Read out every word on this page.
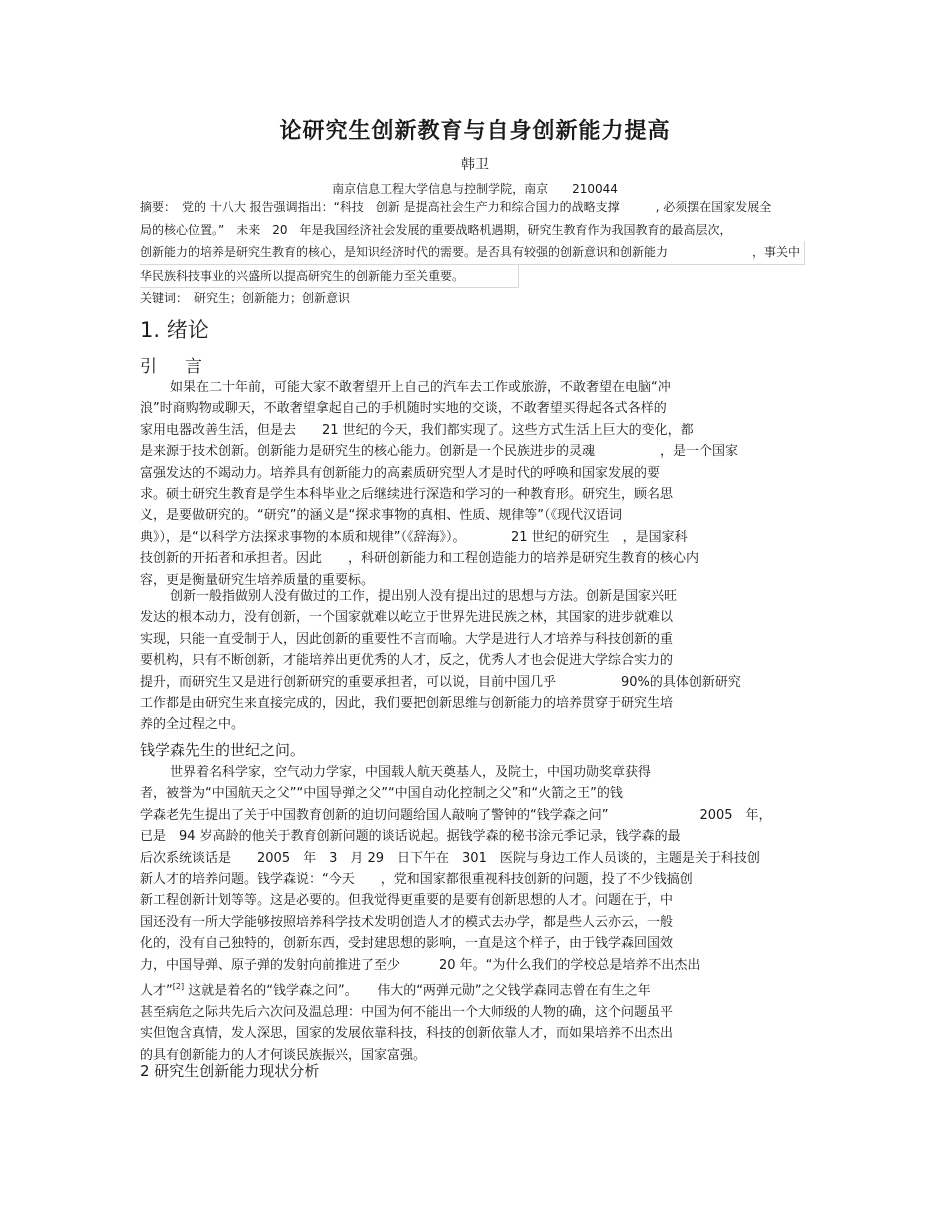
论研究生创新教育与自身创新能力提高
韩卫
南京信息工程大学信息与控制学院，南京　　210044
摘要：　党的 十八大 报告强调指出：“科技　创新 是提高社会生产力和综合国力的战略支撑　　　, 必须摆在国家发展全
局的核心位置。”　未来　20　年是我国经济社会发展的重要战略机遇期，研究生教育作为我国教育的最高层次，
创新能力的培养是研究生教育的核心，是知识经济时代的需要。是否具有较强的创新意识和创新能力　　　　　　　，事关中
华民族科技事业的兴盛所以提高研究生的创新能力至关重要。
关键词：　研究生；创新能力；创新意识
1. 绪论
引言
如果在二十年前，可能大家不敢奢望开上自己的汽车去工作或旅游，不敢奢望在电脑“冲
浪”时商购物或聊天，不敢奢望拿起自己的手机随时实地的交谈，不敢奢望买得起各式各样的
家用电器改善生活，但是去　　21 世纪的今天，我们都实现了。这些方式生活上巨大的变化，都
是来源于技术创新。创新能力是研究生的核心能力。创新是一个民族进步的灵魂　　　　　，是一个国家
富强发达的不竭动力。培养具有创新能力的高素质研究型人才是时代的呼唤和国家发展的要
求。硕士研究生教育是学生本科毕业之后继续进行深造和学习的一种教育形。研究生，顾名思
义，是要做研究的。“研究”的涵义是“探求事物的真相、性质、规律等”（《现代汉语词
典》），是“以科学方法探求事物的本质和规律”（《辞海》）。　　　　21 世纪的研究生　，是国家科
技创新的开拓者和承担者。因此　　，科研创新能力和工程创造能力的培养是研究生教育的核心内
容，更是衡量研究生培养质量的重要标。
创新一般指做别人没有做过的工作，提出别人没有提出过的思想与方法。创新是国家兴旺
发达的根本动力，没有创新，一个国家就难以屹立于世界先进民族之林，其国家的进步就难以
实现，只能一直受制于人，因此创新的重要性不言而喻。大学是进行人才培养与科技创新的重
要机构，只有不断创新，才能培养出更优秀的人才，反之，优秀人才也会促进大学综合实力的
提升，而研究生又是进行创新研究的重要承担者，可以说，目前中国几乎　　　　　90%的具体创新研究
工作都是由研究生来直接完成的，因此，我们要把创新思维与创新能力的培养贯穿于研究生培
养的全过程之中。
钱学森先生的世纪之问。
世界着名科学家，空气动力学家，中国载人航天奠基人，及院士，中国功勋奖章获得
者，被誉为“中国航天之父”“中国导弹之父”“中国自动化控制之父”和“火箭之王”的钱
学森老先生提出了关于中国教育创新的迫切问题给国人敲响了警钟的“钱学森之问”　　　　　　　2005　年，
已是　94 岁高龄的他关于教育创新问题的谈话说起。据钱学森的秘书涂元季记录，钱学森的最
后次系统谈话是　　2005　年　3　月 29　日下午在　301　医院与身边工作人员谈的，主题是关于科技创
新人才的培养问题。钱学森说：“今天　　，党和国家都很重视科技创新的问题，投了不少钱搞创
新工程创新计划等等。这是必要的。但我觉得更重要的是要有创新思想的人才。问题在于，中
国还没有一所大学能够按照培养科学技术发明创造人才的模式去办学，都是些人云亦云，一般
化的，没有自己独特的，创新东西，受封建思想的影响，一直是这个样子，由于钱学森回国效
力，中国导弹、原子弹的发射向前推进了至少　　　20 年。“为什么我们的学校总是培养不出杰出
人才”[2] 这就是着名的“钱学森之问”。　　伟大的“两弹元勋”之父钱学森同志曾在有生之年
甚至病危之际共先后六次问及温总理：中国为何不能出一个大师级的人物的确，这个问题虽平
实但饱含真情，发人深思，国家的发展依靠科技，科技的创新依靠人才，而如果培养不出杰出
的具有创新能力的人才何谈民族振兴，国家富强。
2 研究生创新能力现状分析
